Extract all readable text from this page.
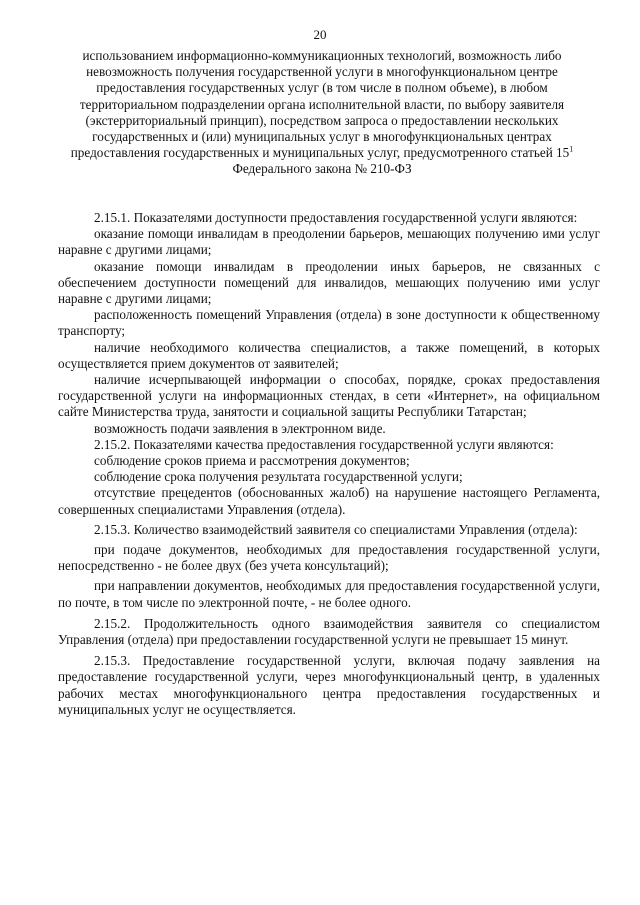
20
использованием информационно-коммуникационных технологий, возможность либо невозможность получения государственной услуги в многофункциональном центре предоставления государственных услуг (в том числе в полном объеме), в любом территориальном подразделении органа исполнительной власти, по выбору заявителя (экстерриториальный принцип), посредством запроса о предоставлении нескольких государственных и (или) муниципальных услуг в многофункциональных центрах предоставления государственных и муниципальных услуг, предусмотренного статьей $15^1$ Федерального закона № 210-ФЗ

2.15.1. Показателями доступности предоставления государственной услуги являются:

оказание помощи инвалидам в преодолении барьеров, мешающих получению ими услуг наравне с другими лицами;

оказание помощи инвалидам в преодолении иных барьеров, не связанных с обеспечением доступности помещений для инвалидов, мешающих получению ими услуг наравне с другими лицами;

расположенность помещений Управления (отдела) в зоне доступности к общественному транспорту;

наличие необходимого количества специалистов, а также помещений, в которых осуществляется прием документов от заявителей;

наличие исчерпывающей информации о способах, порядке, сроках предоставления государственной услуги на информационных стендах, в сети «Интернет», на официальном сайте Министерства труда, занятости и социальной защиты Республики Татарстан;

возможность подачи заявления в электронном виде.

2.15.2. Показателями качества предоставления государственной услуги являются:

соблюдение сроков приема и рассмотрения документов;

соблюдение срока получения результата государственной услуги;

отсутствие прецедентов (обоснованных жалоб) на нарушение настоящего Регламента, совершенных специалистами Управления (отдела).

2.15.3. Количество взаимодействий заявителя со специалистами Управления (отдела):

при подаче документов, необходимых для предоставления государственной услуги, непосредственно - не более двух (без учета консультаций);

при направлении документов, необходимых для предоставления государственной услуги, по почте, в том числе по электронной почте, - не более одного.

2.15.2. Продолжительность одного взаимодействия заявителя со специалистом Управления (отдела) при предоставлении государственной услуги не превышает 15 минут.

2.15.3. Предоставление государственной услуги, включая подачу заявления на предоставление государственной услуги, через многофункциональный центр, в удаленных рабочих местах многофункционального центра предоставления государственных и муниципальных услуг не осуществляется.
